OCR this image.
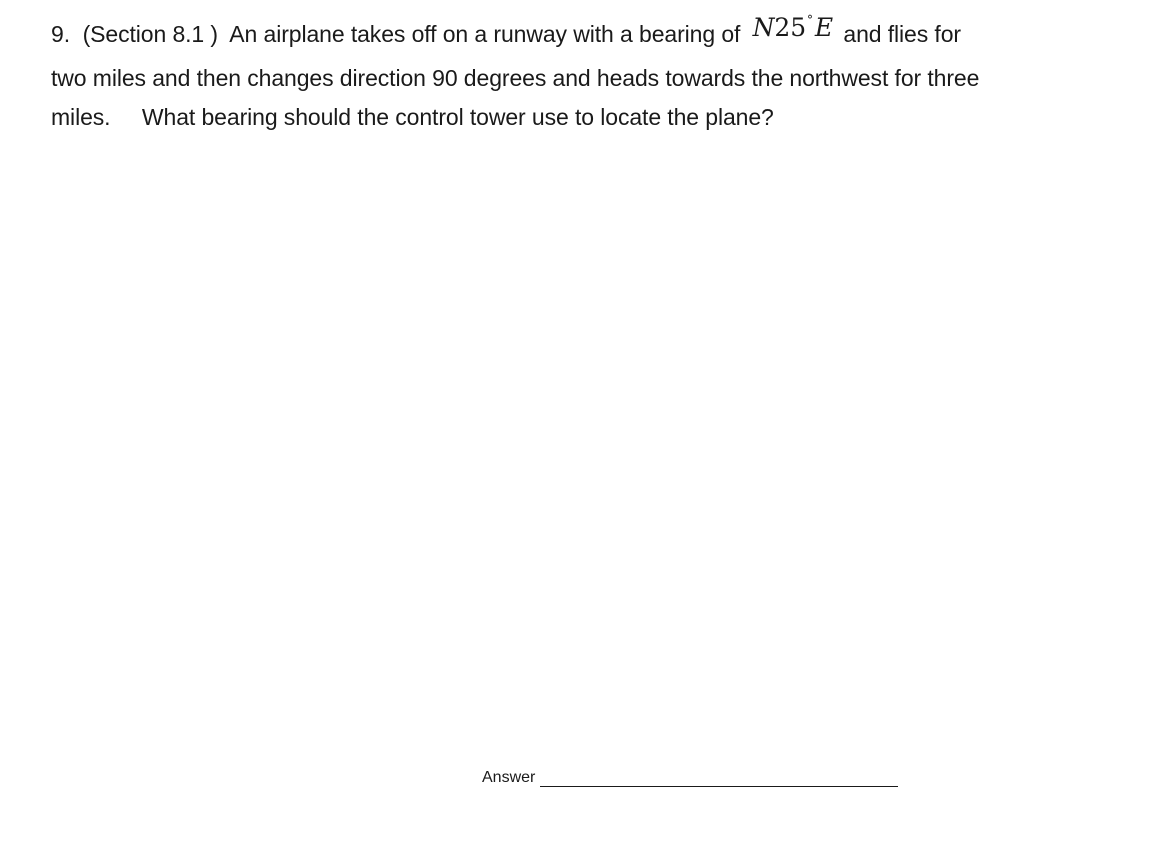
9. (Section 8.1 ) An airplane takes off on a runway with a bearing of N25°E and flies for
two miles and then changes direction 90 degrees and heads towards the northwest for three
miles. What bearing should the control tower use to locate the plane?
Answer
